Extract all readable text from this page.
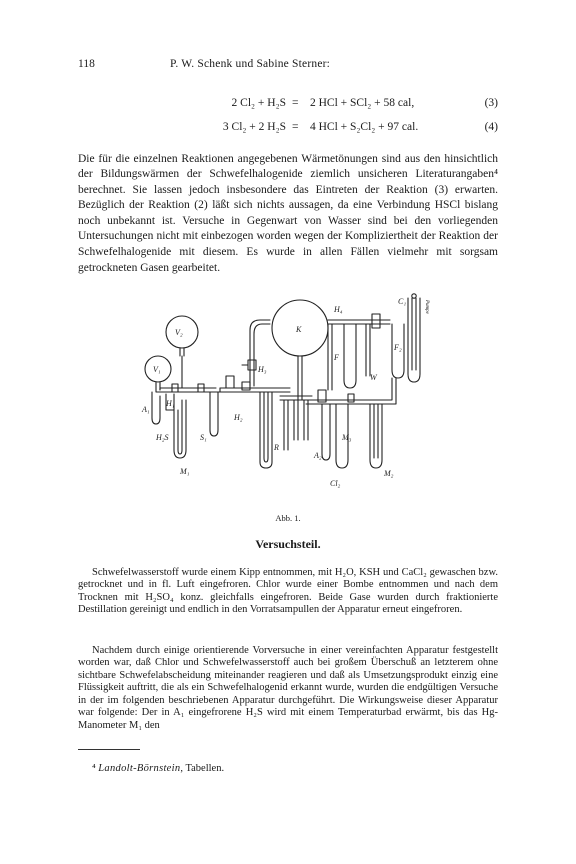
118	P. W. Schenk und Sabine Sterner:
2 Cl₂ + H₂S = 2 HCl + SCl₂ + 58 cal,	(3)
3 Cl₂ + 2 H₂S = 4 HCl + S₂Cl₂ + 97 cal.	(4)

Die für die einzelnen Reaktionen angegebenen Wärmetönungen sind aus den hinsichtlich der Bildungswärmen der Schwefelhalogenide ziemlich unsicheren Literaturangaben⁴ berechnet. Sie lassen jedoch insbesondere das Eintreten der Reaktion (3) erwarten. Bezüglich der Reaktion (2) läßt sich nichts aussagen, da eine Verbindung HSCl bislang noch unbekannt ist. Versuche in Gegenwart von Wasser sind bei den vorliegenden Untersuchungen nicht mit einbezogen worden wegen der Kompliziertheit der Reaktion der Schwefelhalogenide mit diesem. Es wurde in allen Fällen vielmehr mit sorgsam getrockneten Gasen gearbeitet.

V₂
V₁
A₁
H₁
H₂S	S₁
M₁
H₂
H₃
K
R
H₄
F
W
F₂
M₃
A₂
Cl₂
M₂
C₁	Pumpe
Abb. 1.
Versuchsteil.

Schwefelwasserstoff wurde einem Kipp entnommen, mit H₂O, KSH und CaCl₂ gewaschen bzw. getrocknet und in fl. Luft eingefroren. Chlor wurde einer Bombe entnommen und nach dem Trocknen mit H₂SO₄ konz. gleichfalls eingefroren. Beide Gase wurden durch fraktionierte Destillation gereinigt und endlich in den Vorratsampullen der Apparatur erneut eingefroren.

Nachdem durch einige orientierende Vorversuche in einer vereinfachten Apparatur festgestellt worden war, daß Chlor und Schwefelwasserstoff auch bei großem Überschuß an letzterem ohne sichtbare Schwefelabscheidung miteinander reagieren und daß als Umsetzungsprodukt einzig eine Flüssigkeit auftritt, die als ein Schwefelhalogenid erkannt wurde, wurden die endgültigen Versuche in der im folgenden beschriebenen Apparatur durchgeführt. Die Wirkungsweise dieser Apparatur war folgende: Der in A₁ eingefrorene H₂S wird mit einem Temperaturbad erwärmt, bis das Hg-Manometer M₁ den

⁴ Landolt-Börnstein, Tabellen.
